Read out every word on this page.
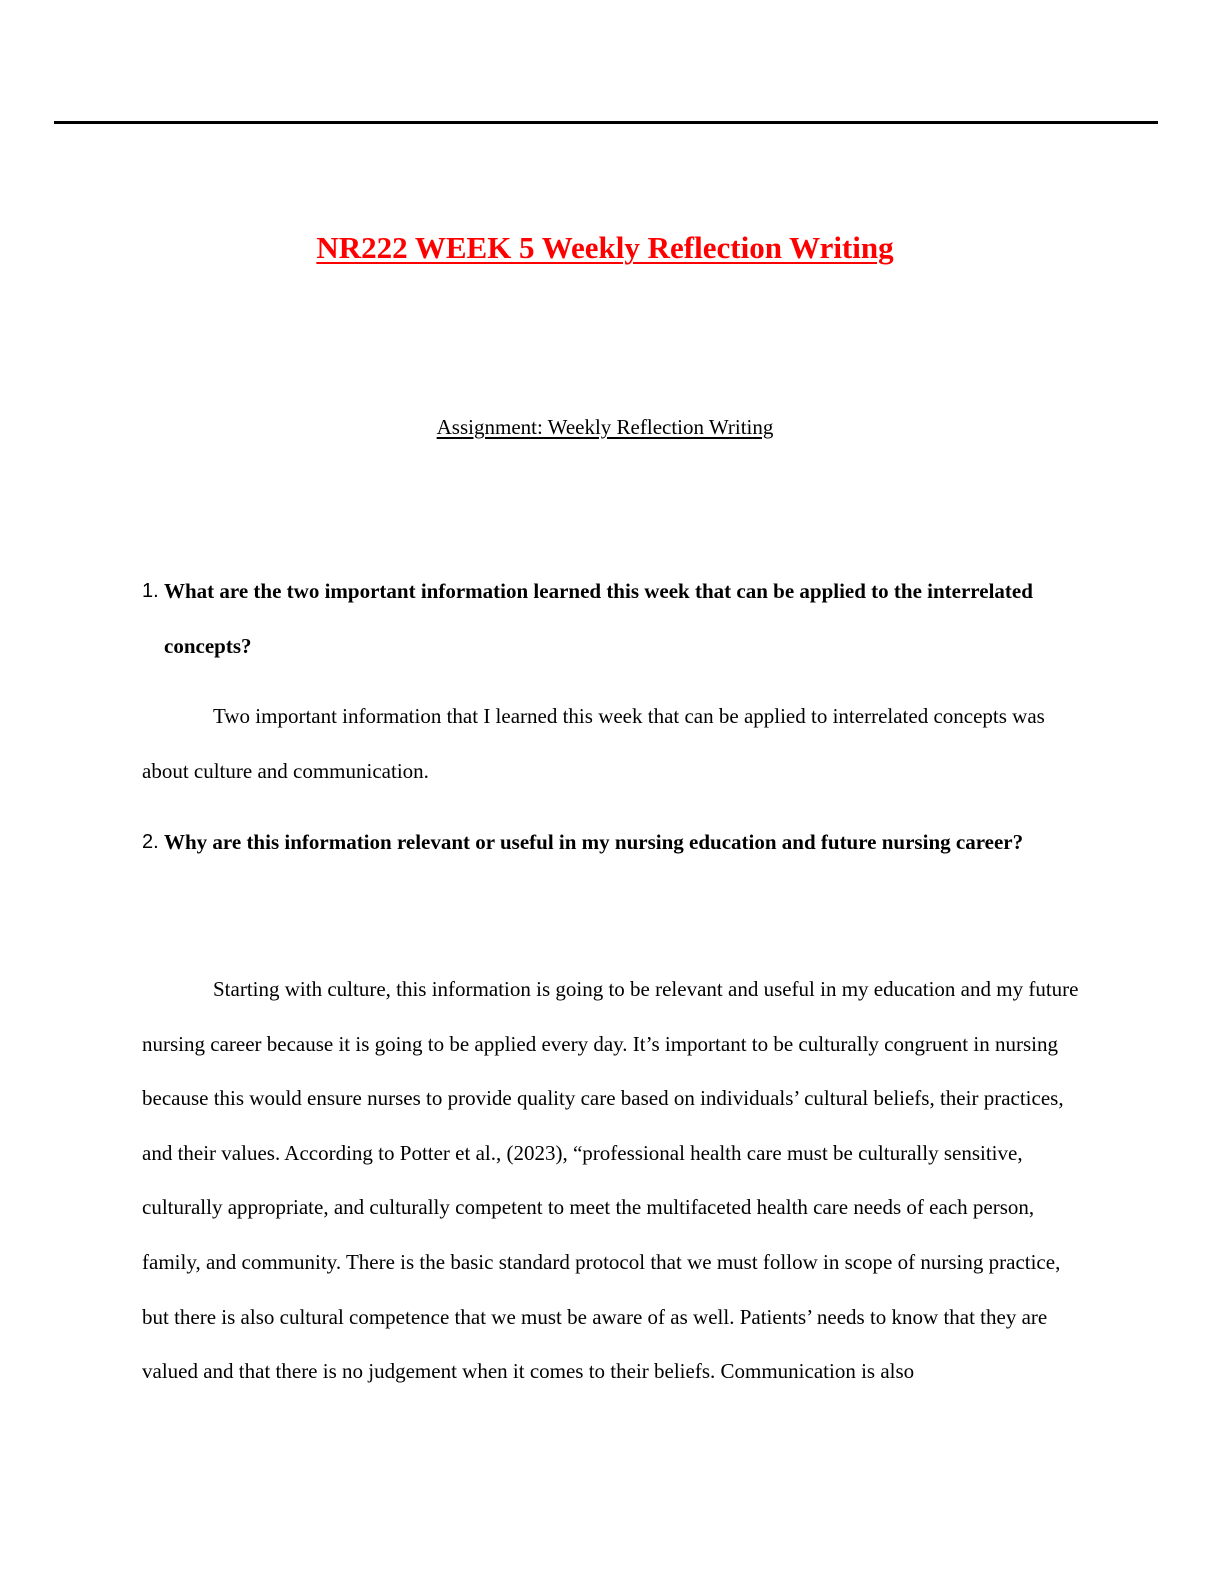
NR222 WEEK 5 Weekly Reflection Writing
Assignment: Weekly Reflection Writing
1. What are the two important information learned this week that can be applied to the interrelated concepts?

Two important information that I learned this week that can be applied to interrelated concepts was about culture and communication.

2. Why are this information relevant or useful in my nursing education and future nursing career?

Starting with culture, this information is going to be relevant and useful in my education and my future nursing career because it is going to be applied every day. It’s important to be culturally congruent in nursing because this would ensure nurses to provide quality care based on individuals’ cultural beliefs, their practices, and their values. According to Potter et al., (2023), “professional health care must be culturally sensitive, culturally appropriate, and culturally competent to meet the multifaceted health care needs of each person, family, and community. There is the basic standard protocol that we must follow in scope of nursing practice, but there is also cultural competence that we must be aware of as well. Patients’ needs to know that they are valued and that there is no judgement when it comes to their beliefs. Communication is also
